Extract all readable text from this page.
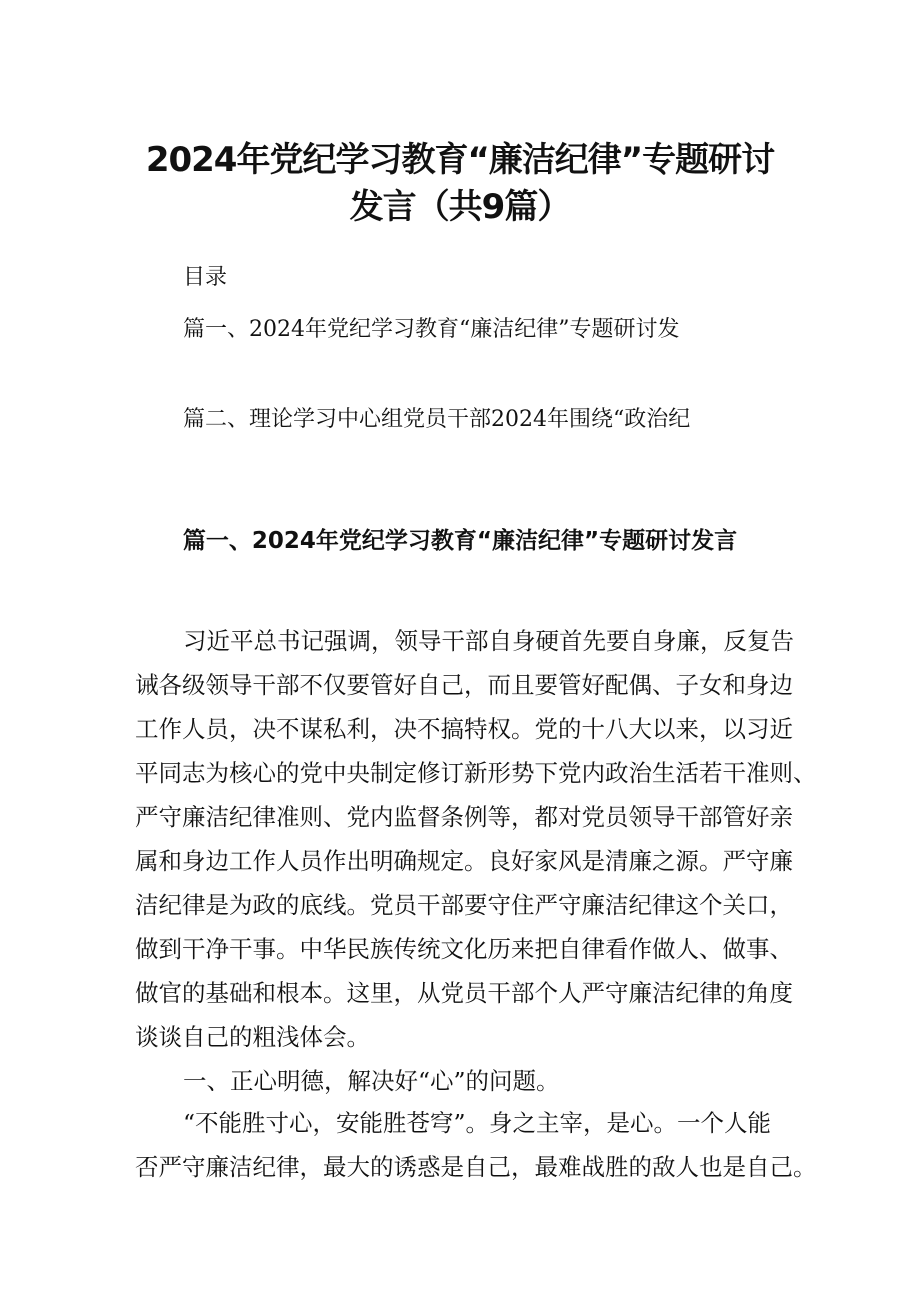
2024年党纪学习教育“廉洁纪律”专题研讨
发言（共9篇）
目录
篇一、2024年党纪学习教育“廉洁纪律”专题研讨发
篇二、理论学习中心组党员干部2024年围绕“政治纪
篇一、2024年党纪学习教育“廉洁纪律”专题研讨发言
习近平总书记强调，领导干部自身硬首先要自身廉，反复告
诫各级领导干部不仅要管好自己，而且要管好配偶、子女和身边
工作人员，决不谋私利，决不搞特权。党的十八大以来，以习近
平同志为核心的党中央制定修订新形势下党内政治生活若干准则、
严守廉洁纪律准则、党内监督条例等，都对党员领导干部管好亲
属和身边工作人员作出明确规定。良好家风是清廉之源。严守廉
洁纪律是为政的底线。党员干部要守住严守廉洁纪律这个关口，
做到干净干事。中华民族传统文化历来把自律看作做人、做事、
做官的基础和根本。这里，从党员干部个人严守廉洁纪律的角度
谈谈自己的粗浅体会。
一、正心明德，解决好“心”的问题。
“不能胜寸心，安能胜苍穹”。身之主宰，是心。一个人能
否严守廉洁纪律，最大的诱惑是自己，最难战胜的敌人也是自己。
